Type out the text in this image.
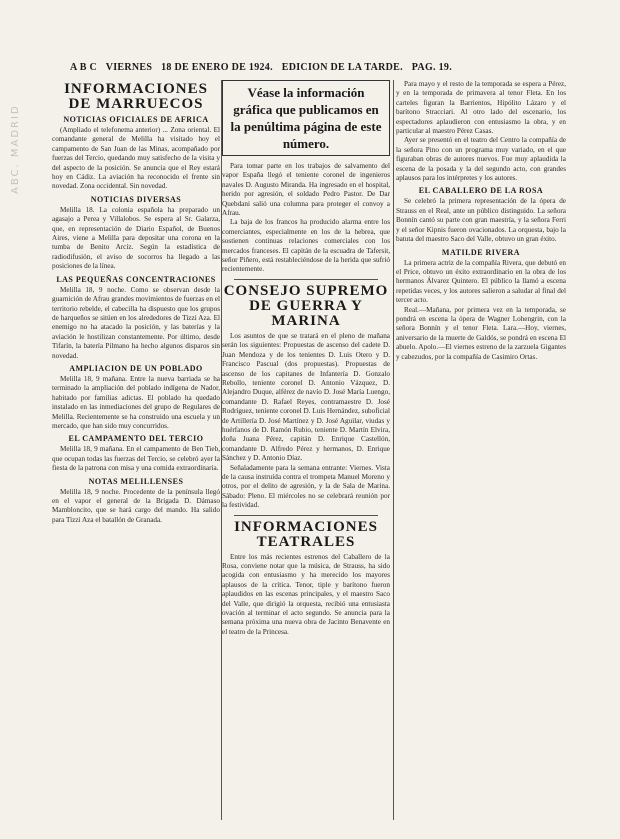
ABC. MADRID
A B C VIERNES 18 DE ENERO DE 1924. EDICION DE LA TARDE. PAG. 19.
INFORMACIONES DE MARRUECOS
NOTICIAS OFICIALES DE AFRICA

(Ampliado el telefonema anterior) ... Zona oriental. El comandante general de Melilla ha visitado hoy el campamento de San Juan de las Minas, acompañado por fuerzas del Tercio, quedando muy satisfecho de la visita y del aspecto de la posición. Se anuncia que el Rey estará hoy en Cádiz. La aviación ha reconocido el frente sin novedad. Zona occidental. Sin novedad.

NOTICIAS DIVERSAS

Melilla 18. La colonia española ha preparado un agasajo a Perea y Villalobos. Se espera al Sr. Galarza, que, en representación de Diario Español, de Buenos Aires, viene a Melilla para depositar una corona en la tumba de Benito Arcíz. Según la estadística de radiodifusión, el aviso de socorros ha llegado a las posiciones de la línea.

LAS PEQUEÑAS CONCENTRACIONES

Melilla 18, 9 noche. Como se observan desde la guarnición de Afrau grandes movimientos de fuerzas en el territorio rebelde, el cabecilla ha dispuesto que los grupos de harqueños se sitúen en los alrededores de Tizzi Aza. El enemigo no ha atacado la posición, y las baterías y la aviación le hostilizan constantemente. Por último, desde Tifarín, la batería Pilmano ha hecho algunos disparos sin novedad.

AMPLIACION DE UN POBLADO

Melilla 18, 9 mañana. Entre la nueva barriada se ha terminado la ampliación del poblado indígena de Nador, habitado por familias adictas. El poblado ha quedado instalado en las inmediaciones del grupo de Regulares de Melilla. Recientemente se ha construido una escuela y un mercado, que han sido muy concurridos.

EL CAMPAMENTO DEL TERCIO

Melilla 18, 9 mañana. En el campamento de Ben Tieb, que ocupan todas las fuerzas del Tercio, se celebró ayer la fiesta de la patrona con misa y una comida extraordinaria.

NOTAS MELILLENSES

Melilla 18, 9 noche. Procedente de la península llegó en el vapor el general de la Brigada D. Dámaso Mambloncito, que se hará cargo del mando. Ha salido para Tizzi Aza el batallón de Granada.

Véase la información gráfica que publicamos en la penúltima página de este número.

Para tomar parte en los trabajos de salvamento del vapor España llegó el teniente coronel de ingenieros navales D. Augusto Miranda. Ha ingresado en el hospital, herido por agresión, el soldado Pedro Pastor. De Dar Quebdani salió una columna para proteger el convoy a Afrau.

La baja de los francos ha producido alarma entre los comerciantes, especialmente en los de la hebrea, que sostienen continuas relaciones comerciales con los mercados franceses. El capitán de la escuadra de Tafersit, señor Piñero, está restableciéndose de la herida que sufrió recientemente.

CONSEJO SUPREMO DE GUERRA Y MARINA

Los asuntos de que se tratará en el pleno de mañana serán los siguientes: Propuestas de ascenso del cadete D. Juan Mendoza y de los tenientes D. Luis Otero y D. Francisco Pascual (dos propuestas). Propuestas de ascenso de los capitanes de Infantería D. Gonzalo Rebollo, teniente coronel D. Antonio Vázquez, D. Alejandro Duque, alférez de navío D. José María Luengo, comandante D. Rafael Reyes, contramaestre D. José Rodríguez, teniente coronel D. Luis Hernández, suboficial de Artillería D. José Martínez y D. José Aguilar, viudas y huérfanos de D. Ramón Rubio, teniente D. Martín Elvira, doña Juana Pérez, capitán D. Enrique Castellón, comandante D. Alfredo Pérez y hermanos, D. Enrique Sánchez y D. Antonio Díaz.

Señaladamente para la semana entrante: Viernes. Vista de la causa instruída contra el trompeta Manuel Moreno y otros, por el delito de agresión, y la de Sala de Marina. Sábado: Pleno. El miércoles no se celebrará reunión por la festividad.

INFORMACIONES TEATRALES

Entre los más recientes estrenos del Caballero de la Rosa, conviene notar que la música, de Strauss, ha sido acogida con entusiasmo y ha merecido los mayores aplausos de la crítica. Tenor, tiple y barítono fueron aplaudidos en las escenas principales, y el maestro Saco del Valle, que dirigió la orquesta, recibió una entusiasta ovación al terminar el acto segundo. Se anuncia para la semana próxima una nueva obra de Jacinto Benavente en el teatro de la Princesa.

Para mayo y el resto de la temporada se espera a Pérez, y en la temporada de primavera al tenor Fleta. En los carteles figuran la Barrientos, Hipólito Lázaro y el barítono Stracciari. Al otro lado del escenario, los espectadores aplaudieron con entusiasmo la obra, y en particular al maestro Pérez Casas.

Ayer se presentó en el teatro del Centro la compañía de la señora Pino con un programa muy variado, en el que figuraban obras de autores nuevos. Fue muy aplaudida la escena de la posada y la del segundo acto, con grandes aplausos para los intérpretes y los autores.

EL CABALLERO DE LA ROSA

Se celebró la primera representación de la ópera de Strauss en el Real, ante un público distinguido. La señora Bonnín cantó su parte con gran maestría, y la señora Ferri y el señor Kipnis fueron ovacionados. La orquesta, bajo la batuta del maestro Saco del Valle, obtuvo un gran éxito.

MATILDE RIVERA

La primera actriz de la compañía Rivera, que debutó en el Price, obtuvo un éxito extraordinario en la obra de los hermanos Álvarez Quintero. El público la llamó a escena repetidas veces, y los autores salieron a saludar al final del tercer acto.

Real.—Mañana, por primera vez en la temporada, se pondrá en escena la ópera de Wagner Lohengrin, con la señora Bonnín y el tenor Fleta. Lara.—Hoy, viernes, aniversario de la muerte de Galdós, se pondrá en escena El abuelo. Apolo.—El viernes estreno de la zarzuela Gigantes y cabezudos, por la compañía de Casimiro Ortas.
